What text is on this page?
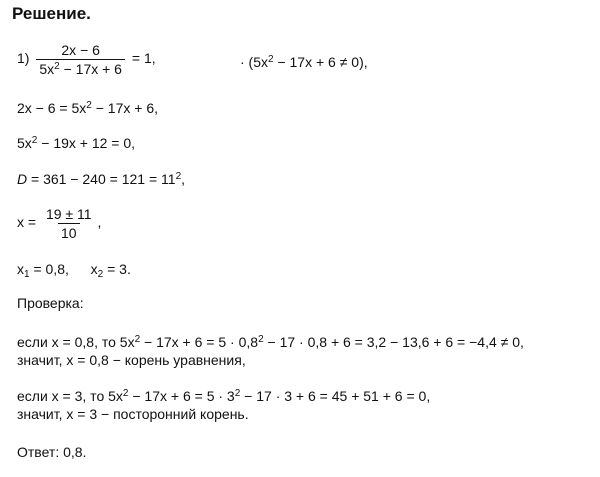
Решение.
$1) \frac{2x - 6}{5x^2 - 17x + 6} = 1$,	· $(5x^2 - 17x + 6 \ne 0)$,
$2x - 6 = 5x^2 - 17x + 6$,
$5x^2 - 19x + 12 = 0$,
$D = 361 - 240 = 121 = 11^2$,
$x = \frac{19 \pm 11}{10}$ ,
$x_1 = 0,8$, $x_2 = 3$.
Проверка:
если x = 0,8, то $5x^2 - 17x + 6 = 5 \cdot 0,8^2 - 17 \cdot 0,8 + 6 = 3,2 - 13,6 + 6 = -4,4 \ne 0$,
значит, x = 0,8 − корень уравнения,
если x = 3, то $5x^2 - 17x + 6 = 5 \cdot 3^2 - 17 \cdot 3 + 6 = 45 + 51 + 6 = 0$,
значит, x = 3 − посторонний корень.
Ответ: 0,8.
